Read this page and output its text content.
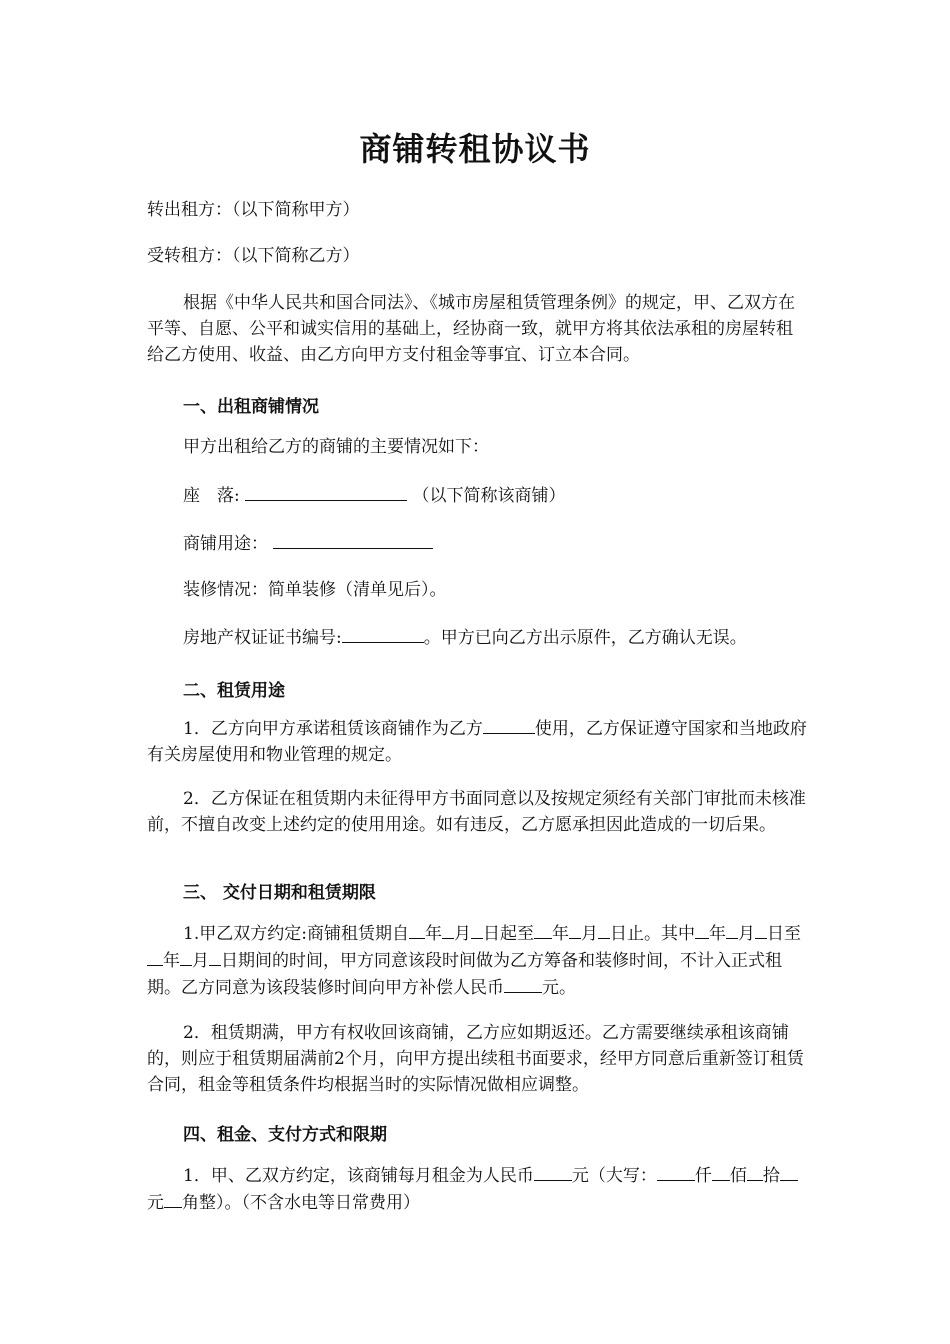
商铺转租协议书
转出租方：（以下简称甲方）
受转租方：（以下简称乙方）
根据《中华人民共和国合同法》、《城市房屋租赁管理条例》的规定，甲、乙双方在平等、自愿、公平和诚实信用的基础上，经协商一致，就甲方将其依法承租的房屋转租给乙方使用、收益、由乙方向甲方支付租金等事宜、订立本合同。
一、出租商铺情况
甲方出租给乙方的商铺的主要情况如下：
座　落:	（以下简称该商铺）
商铺用途：
装修情况：简单装修（清单见后）。
房地产权证证书编号:	。甲方已向乙方出示原件，乙方确认无误。
二、租赁用途
1．乙方向甲方承诺租赁该商铺作为乙方	使用，乙方保证遵守国家和当地政府有关房屋使用和物业管理的规定。
2．乙方保证在租赁期内未征得甲方书面同意以及按规定须经有关部门审批而未核准前，不擅自改变上述约定的使用用途。如有违反，乙方愿承担因此造成的一切后果。
三、 交付日期和租赁期限
1.甲乙双方约定:商铺租赁期自 年 月 日起至 年 月 日止。其中 年 月 日至年 月 日期间的时间，甲方同意该段时间做为乙方筹备和装修时间，不计入正式租期。乙方同意为该段装修时间向甲方补偿人民币 元。
2．租赁期满，甲方有权收回该商铺，乙方应如期返还。乙方需要继续承租该商铺的，则应于租赁期届满前2个月，向甲方提出续租书面要求，经甲方同意后重新签订租赁合同，租金等租赁条件均根据当时的实际情况做相应调整。
四、租金、支付方式和限期
1．甲、乙双方约定，该商铺每月租金为人民币 元（大写： 仟 佰 拾元 角整）。（不含水电等日常费用）
